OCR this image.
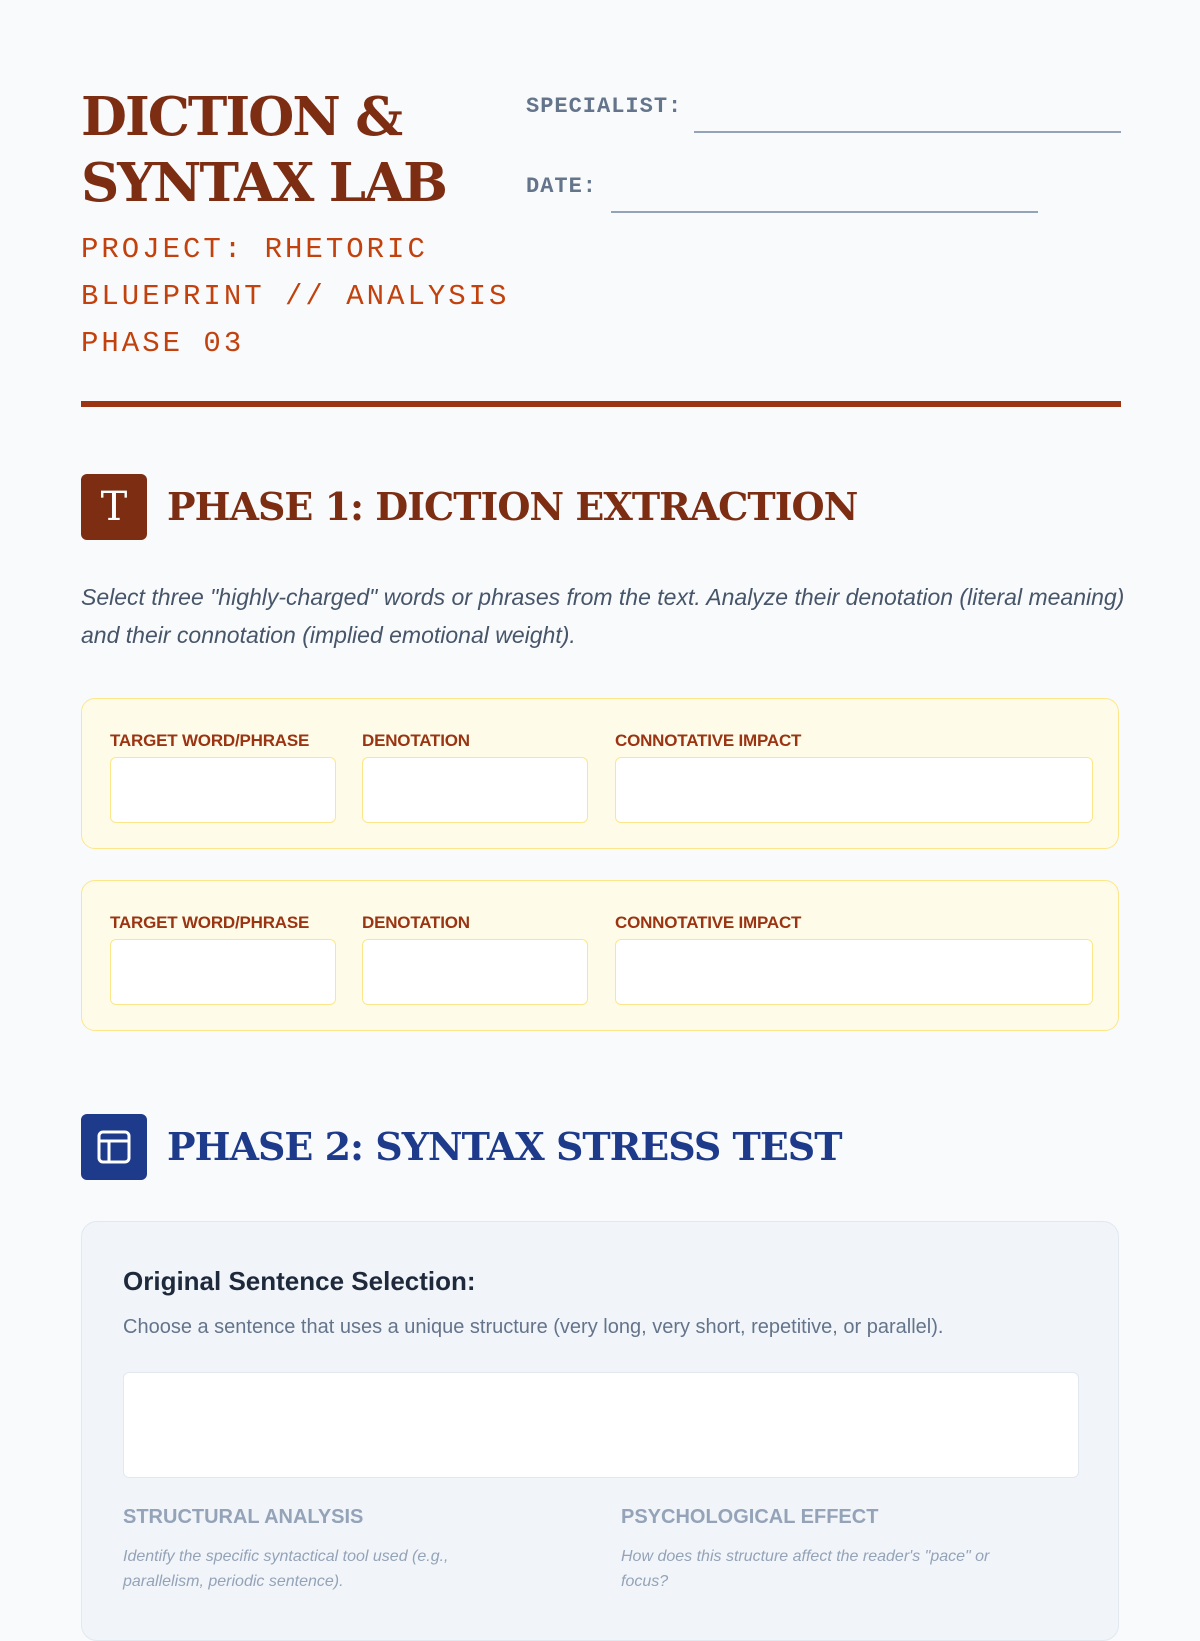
DICTION & SYNTAX LAB
PROJECT: RHETORIC BLUEPRINT // ANALYSIS PHASE 03
SPECIALIST:
DATE:
T PHASE 1: DICTION EXTRACTION
Select three "highly-charged" words or phrases from the text. Analyze their denotation (literal meaning) and their connotation (implied emotional weight).
TARGET WORD/PHRASE	DENOTATION	CONNOTATIVE IMPACT
TARGET WORD/PHRASE	DENOTATION	CONNOTATIVE IMPACT
PHASE 2: SYNTAX STRESS TEST
Original Sentence Selection:
Choose a sentence that uses a unique structure (very long, very short, repetitive, or parallel).
STRUCTURAL ANALYSIS
Identify the specific syntactical tool used (e.g., parallelism, periodic sentence).
PSYCHOLOGICAL EFFECT
How does this structure affect the reader's "pace" or focus?
